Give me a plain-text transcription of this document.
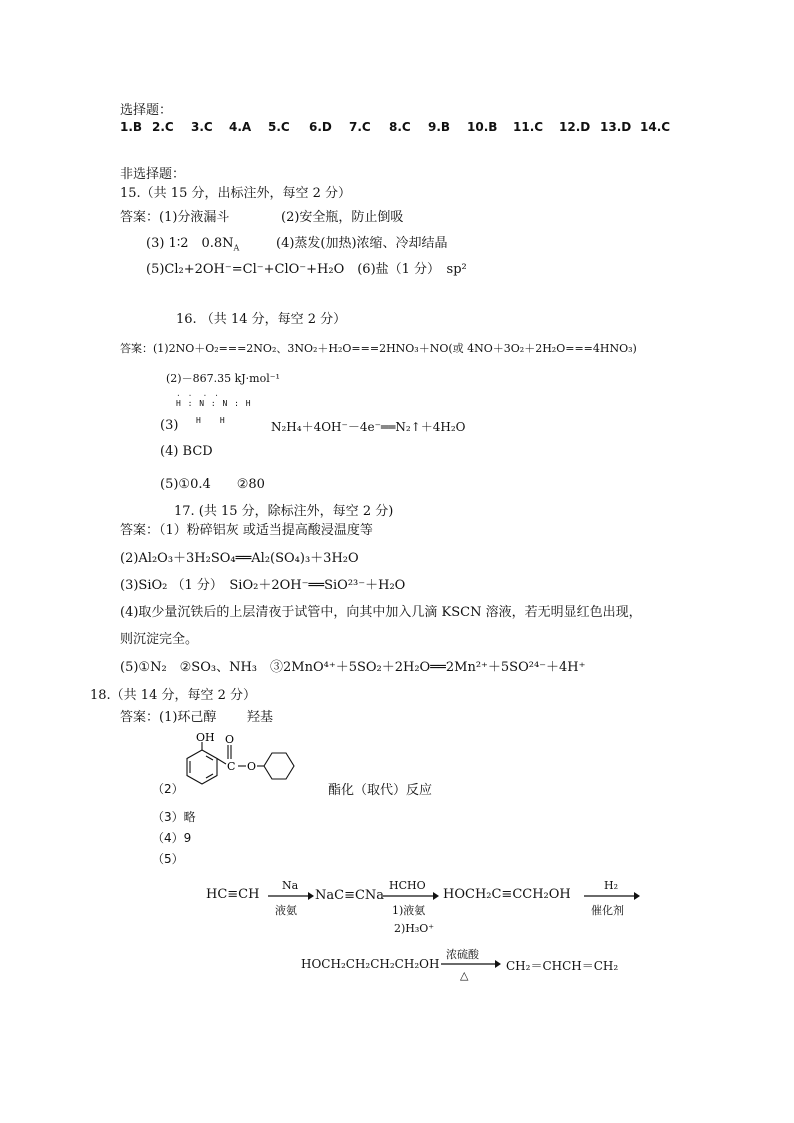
选择题：
1.B 2.C 3.C 4.A 5.C 6.D 7.C 8.C 9.B 10.B 11.C 12.D 13.D 14.C
非选择题：
15.（共 15 分，出标注外，每空 2 分）
答案：(1)分液漏斗	(2)安全瓶，防止倒吸
(3) 1∶2　$0.8N_A$	(4)蒸发(加热)浓缩、冷却结晶
(5)Cl₂+2OH⁻=Cl⁻+ClO⁻+H₂O　(6)盐（1 分）　sp²
16. （共 14 分，每空 2 分）
答案：(1)2NO＋O₂===2NO₂、3NO₂＋H₂O===2HNO₃＋NO(或 4NO＋3O₂＋2H₂O===4HNO₃)
(2)－867.35 kJ·mol⁻¹
· ·　· ·
H : N : N : H
H　　H
(3)	N₂H₄＋4OH⁻－4e⁻══N₂↑＋4H₂O
(4) BCD
(5)①0.4　　②80
17. (共 15 分，除标注外，每空 2 分)
答案：（1）粉碎铝灰 或适当提高酸浸温度等
(2)Al₂O₃＋3H₂SO₄══Al₂(SO₄)₃＋3H₂O
(3)SiO₂ （1 分）　SiO₂＋2OH⁻══SiO²³⁻＋H₂O
(4)取少量沉铁后的上层清夜于试管中，向其中加入几滴 KSCN 溶液，若无明显红色出现，
则沉淀完全。
(5)①N₂　②SO₃、NH₃　③2MnO⁴⁺＋5SO₂＋2H₂O══2Mn²⁺＋5SO²⁴⁻＋4H⁺
18.（共 14 分，每空 2 分）
答案：(1)环己醇 羟基
OH O
C O
（2）	酯化（取代）反应
（3）略
（4）9
（5）
HC≡CH
Na
液氨
NaC≡CNa
HCHO
1)液氨
2)H₃O⁺
HOCH₂C≡CCH₂OH
H₂
催化剂
HOCH₂CH₂CH₂CH₂OH
浓硫酸
△
CH₂＝CHCH＝CH₂
